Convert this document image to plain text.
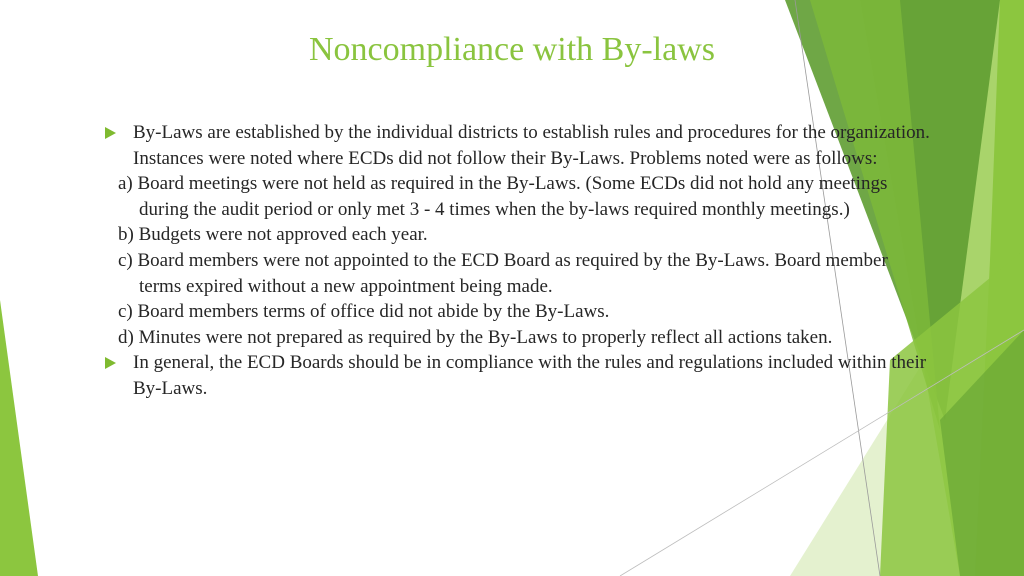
Noncompliance with By-laws

By-Laws are established by the individual districts to establish rules and procedures for the organization. Instances were noted where ECDs did not follow their By-Laws. Problems noted were as follows:

a) Board meetings were not held as required in the By-Laws. (Some ECDs did not hold any meetings during the audit period or only met 3 - 4 times when the by-laws required monthly meetings.)

b) Budgets were not approved each year.

c) Board members were not appointed to the ECD Board as required by the By-Laws. Board member terms expired without a new appointment being made.

c) Board members terms of office did not abide by the By-Laws.

d) Minutes were not prepared as required by the By-Laws to properly reflect all actions taken.

In general, the ECD Boards should be in compliance with the rules and regulations included within their By-Laws.
